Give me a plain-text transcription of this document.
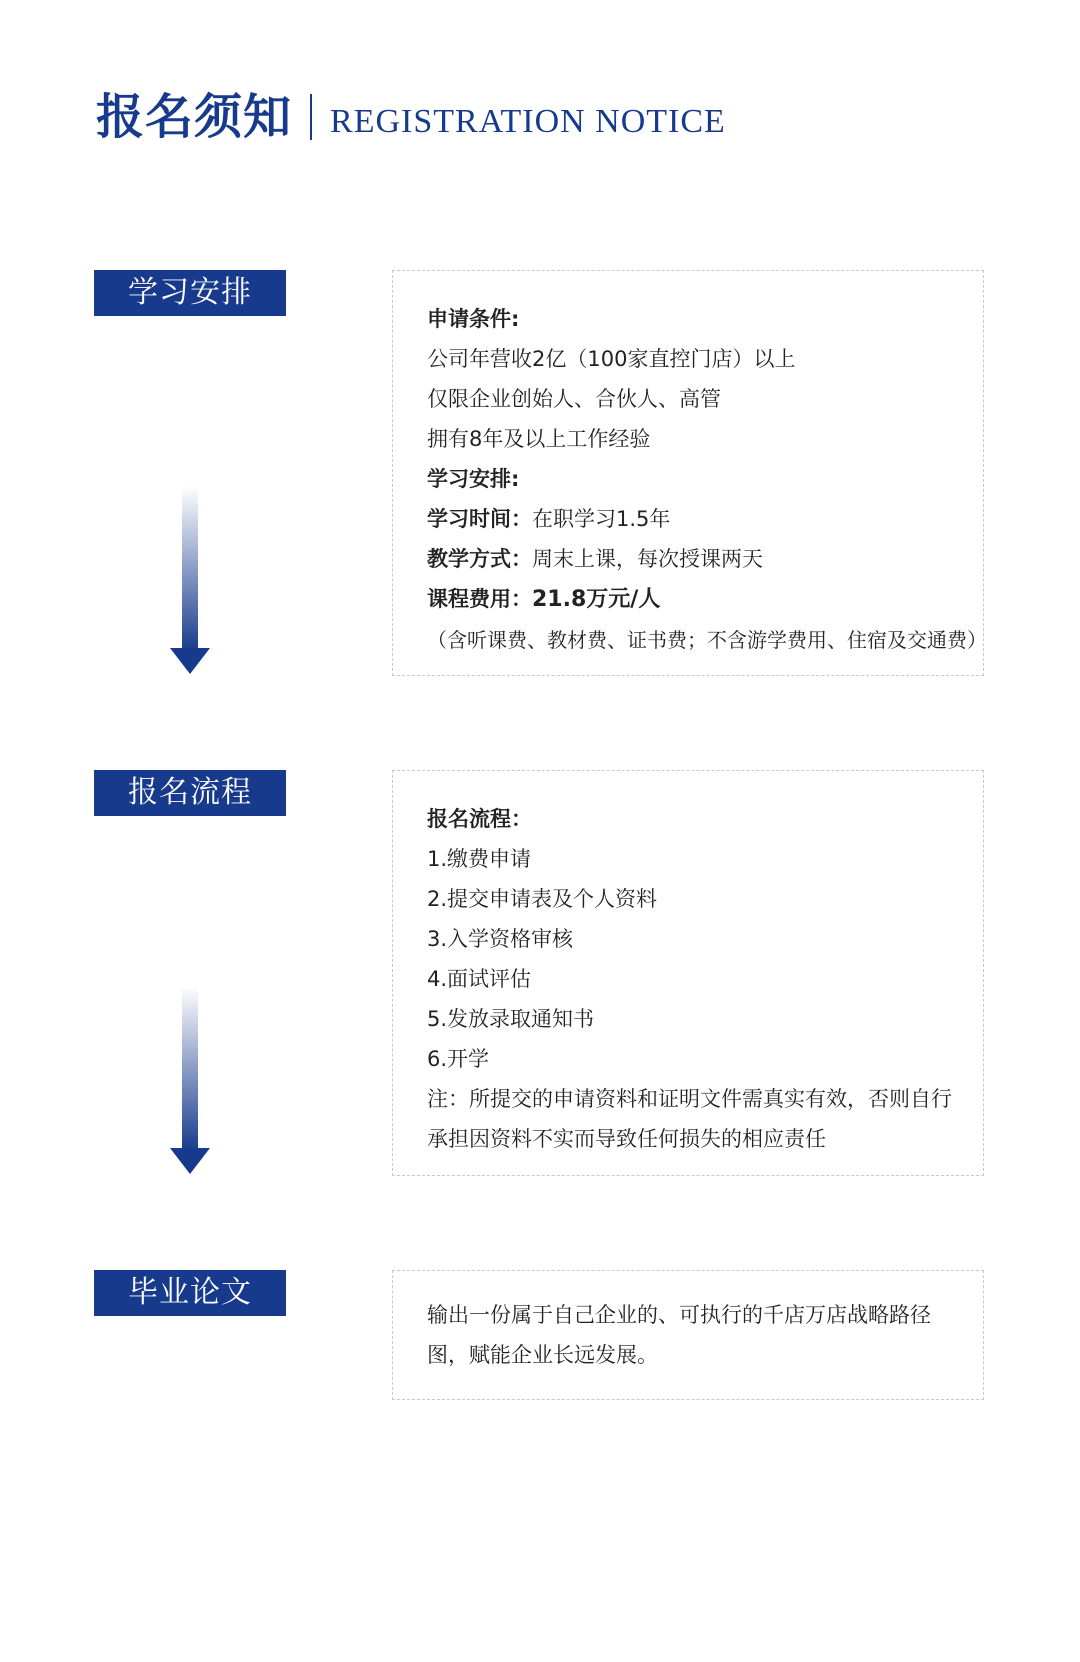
报名须知 REGISTRATION NOTICE
学习安排
申请条件:
公司年营收2亿（100家直控门店）以上
仅限企业创始人、合伙人、高管
拥有8年及以上工作经验
学习安排:
学习时间：在职学习1.5年
教学方式：周末上课，每次授课两天
课程费用：21.8万元/人
（含听课费、教材费、证书费；不含游学费用、住宿及交通费）
报名流程
报名流程：
1.缴费申请
2.提交申请表及个人资料
3.入学资格审核
4.面试评估
5.发放录取通知书
6.开学
注：所提交的申请资料和证明文件需真实有效，否则自行承担因资料不实而导致任何损失的相应责任
毕业论文
输出一份属于自己企业的、可执行的千店万店战略路径图，赋能企业长远发展。
